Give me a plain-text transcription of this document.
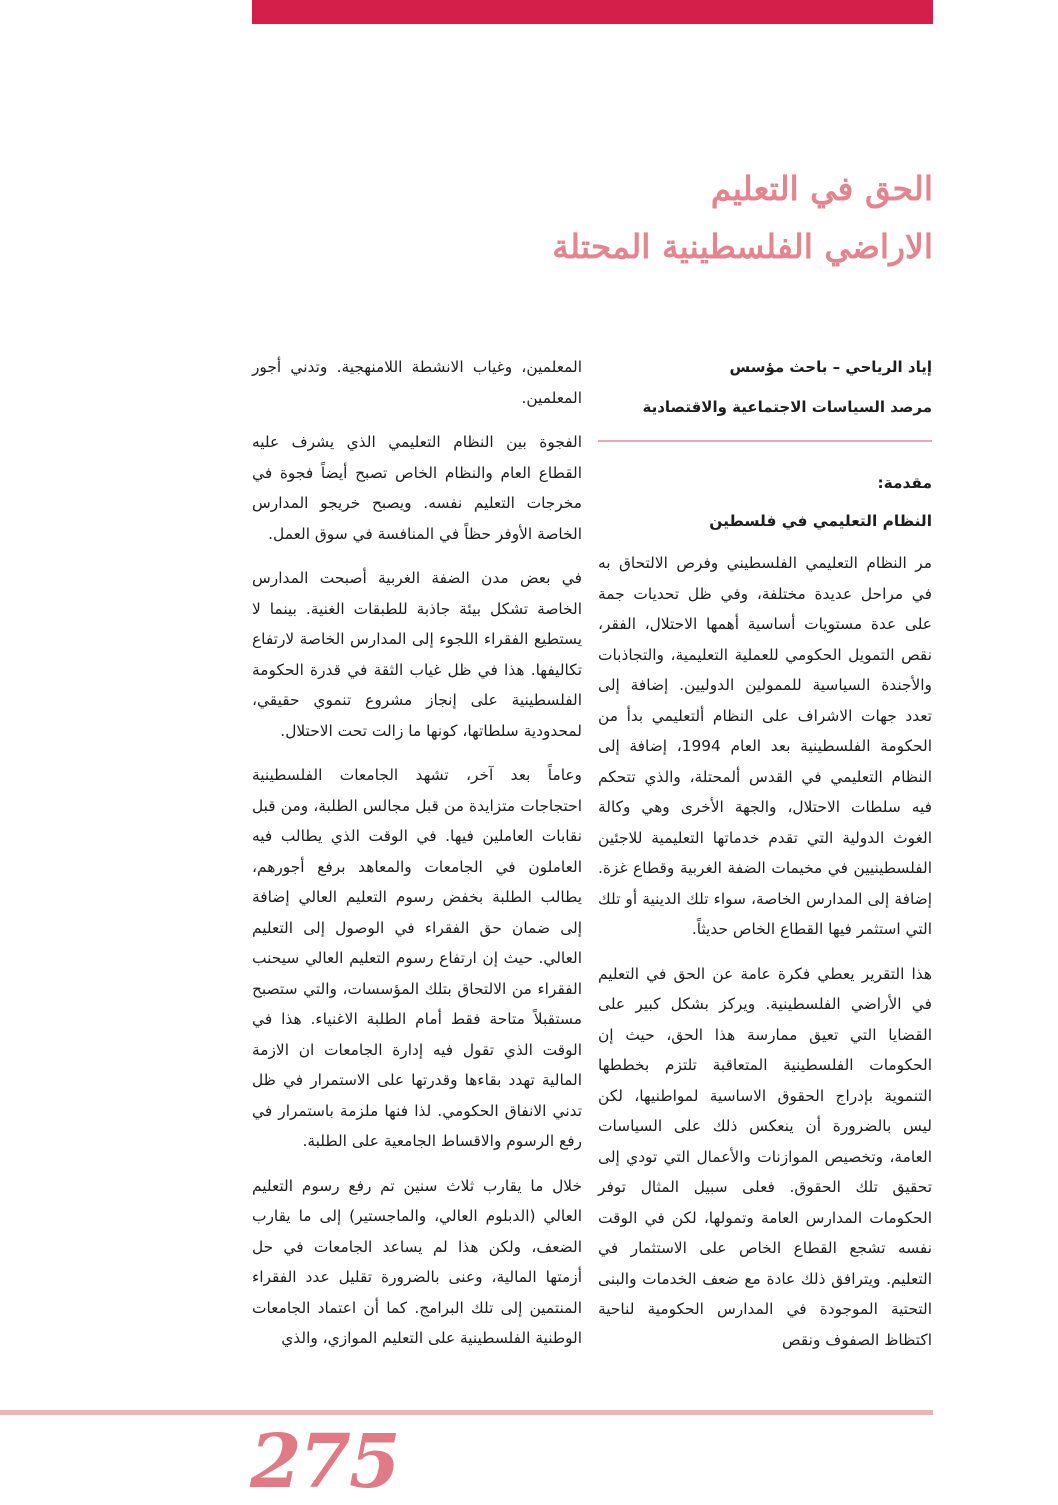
الحق في التعليم
الاراضي الفلسطينية المحتلة
إياد الرياحي – باحث مؤسس
مرصد السياسات الاجتماعية والاقتصادية
مقدمة:
النظام التعليمي في فلسطين

مر النظام التعليمي الفلسطيني وفرص الالتحاق به في مراحل عديدة مختلفة، وفي ظل تحديات جمة على عدة مستويات أساسية أهمها الاحتلال، الفقر، نقص التمويل الحكومي للعملية التعليمية، والتجاذبات والأجندة السياسية للممولين الدوليين. إضافة إلى تعدد جهات الاشراف على النظام ألتعليمي بدأ من الحكومة الفلسطينية بعد العام 1994، إضافة إلى النظام التعليمي في القدس ألمحتلة، والذي تتحكم فيه سلطات الاحتلال، والجهة الأخرى وهي وكالة الغوث الدولية التي تقدم خدماتها التعليمية للاجئين الفلسطينيين في مخيمات الضفة الغربية وقطاع غزة. إضافة إلى المدارس الخاصة، سواء تلك الدينية أو تلك التي استثمر فيها القطاع الخاص حديثاً.

هذا التقرير يعطي فكرة عامة عن الحق في التعليم في الأراضي الفلسطينية. ويركز بشكل كبير على القضايا التي تعيق ممارسة هذا الحق، حيث إن الحكومات الفلسطينية المتعاقبة تلتزم بخططها التنموية بإدراج الحقوق الاساسية لمواطنيها، لكن ليس بالضرورة أن ينعكس ذلك على السياسات العامة، وتخصيص الموازنات والأعمال التي تودي إلى تحقيق تلك الحقوق. فعلى سبيل المثال توفر الحكومات المدارس العامة وتمولها، لكن في الوقت نفسه تشجع القطاع الخاص على الاستثمار في التعليم. ويترافق ذلك عادة مع ضعف الخدمات والبنى التحتية الموجودة في المدارس الحكومية لناحية اكتظاظ الصفوف ونقص

المعلمين، وغياب الانشطة اللامنهجية. وتدني أجور المعلمين.

الفجوة بين النظام التعليمي الذي يشرف عليه القطاع العام والنظام الخاص تصبح أيضاً فجوة في مخرجات التعليم نفسه. ويصبح خريجو المدارس الخاصة الأوفر حظاً في المنافسة في سوق العمل.

في بعض مدن الضفة الغربية أصبحت المدارس الخاصة تشكل بيئة جاذبة للطبقات الغنية. بينما لا يستطيع الفقراء اللجوء إلى المدارس الخاصة لارتفاع تكاليفها. هذا في ظل غياب الثقة في قدرة الحكومة الفلسطينية على إنجاز مشروع تنموي حقيقي، لمحدودية سلطاتها، كونها ما زالت تحت الاحتلال.

وعاماً بعد آخر، تشهد الجامعات الفلسطينية احتجاجات متزايدة من قبل مجالس الطلبة، ومن قبل نقابات العاملين فيها. في الوقت الذي يطالب فيه العاملون في الجامعات والمعاهد برفع أجورهم، يطالب الطلبة بخفض رسوم التعليم العالي إضافة إلى ضمان حق الفقراء في الوصول إلى التعليم العالي. حيث إن ارتفاع رسوم التعليم العالي سيحنب الفقراء من الالتحاق بتلك المؤسسات، والتي ستصبح مستقبلاً متاحة فقط أمام الطلبة الاغنياء. هذا في الوقت الذي تقول فيه إدارة الجامعات ان الازمة المالية تهدد بقاءها وقدرتها على الاستمرار في ظل تدني الانفاق الحكومي. لذا فنها ملزمة باستمرار في رفع الرسوم والاقساط الجامعية على الطلبة.

خلال ما يقارب ثلاث سنين تم رفع رسوم التعليم العالي (الدبلوم العالي، والماجستير) إلى ما يقارب الضعف، ولكن هذا لم يساعد الجامعات في حل أزمتها المالية، وعنى بالضرورة تقليل عدد الفقراء المنتمين إلى تلك البرامج. كما أن اعتماد الجامعات الوطنية الفلسطينية على التعليم الموازي، والذي

275
